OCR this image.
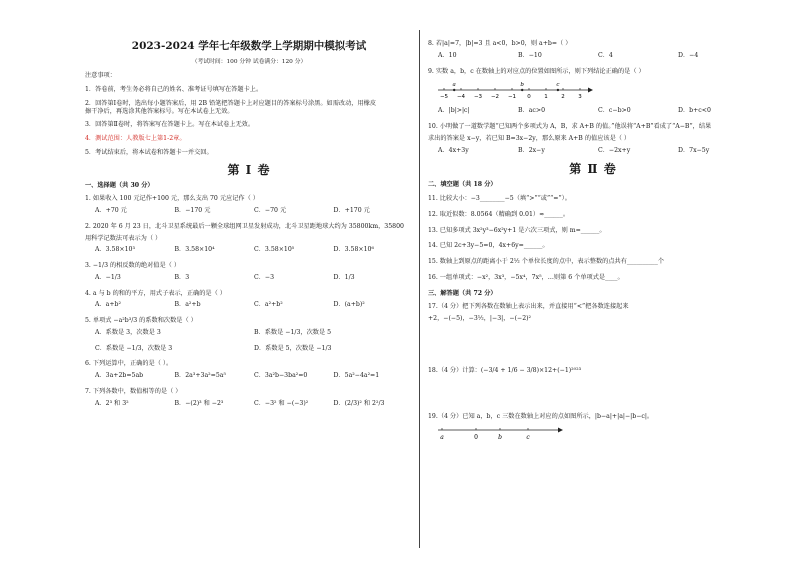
2023-2024 学年七年级数学上学期期中模拟考试
（考试时间：100 分钟 试卷满分：120 分）
注意事项：
1．答卷前，考生务必将自己的姓名、准考证号填写在答题卡上。
2．回答第Ⅰ卷时，选出每小题答案后，用 2B 铅笔把答题卡上对应题目的答案标号涂黑。如需改动，用橡皮
擦干净后，再选涂其他答案标号。写在本试卷上无效。
3．回答第Ⅱ卷时，将答案写在答题卡上。写在本试卷上无效。
4．测试范围：人教版七上第1-2章。
5．考试结束后，将本试卷和答题卡一并交回。
第 Ⅰ 卷
一、选择题（共 30 分）
1. 如果收入 100 元记作+100 元，那么支出 70 元应记作（ ）
A．+70 元	B．−170 元	C．−70 元	D．+170 元
2. 2020 年 6 月 23 日，北斗卫星系统最后一颗全球组网卫星发射成功，北斗卫星距地球大约为 35800km，35800
用科学记数法可表示为（ ）
A．3.58×10³	B．3.58×10⁴	C．3.58×10⁵	D．3.58×10⁶
3. −1/3 的相反数的绝对值是（ ）
A．−1/3	B．3	C．−3	D．1/3
4. a 与 b 的和的平方，用式子表示，正确的是（ ）
A．a+b²	B．a²+b	C．a²+b²	D．(a+b)²
5. 单项式 −a²b³/3 的系数和次数是（ ）
A．系数是 3，次数是 3	B．系数是 −1/3，次数是 5
C．系数是 −1/3，次数是 3	D．系数是 5，次数是 −1/3
6. 下列运算中，正确的是（ ）。
A．3a+2b=5ab	B．2a³+3a²=5a⁵	C．3a²b−3ba²=0	D．5a²−4a²=1
7. 下列各数中，数值相等的是（ ）
A．2³ 和 3²	B．−(2)³ 和 −2³	C．−3² 和 −(−3)²	D．(2/3)² 和 2²/3
8. 若|a|=7，|b|=3 且 a<0，b>0，则 a+b=（ ）
A．10	B．−10	C．4	D．−4
9. 实数 a，b，c 在数轴上的对应点的位置如图所示，则下列结论正确的是（ ）
−5 −4 −3 −2 −1 0 1 2 3
a	b	c
A．|b|>|c|	B．ac>0	C．c−b>0	D．b+c<0
10. 小明做了一道数学题“已知两个多项式为 A，B，求 A+B 的值。”他误将“A+B”看成了“A−B”，结果
求出的答案是 x−y，若已知 B=3x−2y，那么原来 A+B 的值应该是（ ）
A．4x+3y	B．2x−y	C．−2x+y	D．7x−5y
第 Ⅱ 卷
二、填空题（共 18 分）
11. 比较大小：−3________−5（填“>”“或”“=”）。
12. 取近似数：8.0564（精确到 0.01）≈______。
13. 已知多项式 3x²y³−6x²y+1 是六次三项式，则 m=______。
14. 已知 2c+3y−5=0，4x+6y=______。
15. 数轴上到原点的距离小于 2½ 个单位长度的点中，表示整数的点共有__________个
16. 一组单项式：−x²，3x³，−5x⁴，7x⁵，…则第 6 个单项式是____。
三、解答题（共 72 分）
17.（4 分）把下列各数在数轴上表示出来，并直接用“<”把各数连接起来
+2，−(−5)，−3½，|−3|，−(−2)²
18.（4 分）计算：(−3/4 + 1/6 − 3/8)×12+(−1)²⁰²³
19.（4 分）已知 a，b，c 三数在数轴上对应的点如图所示，|b−a|+|a|−|b−c|。
a	0	b	c
